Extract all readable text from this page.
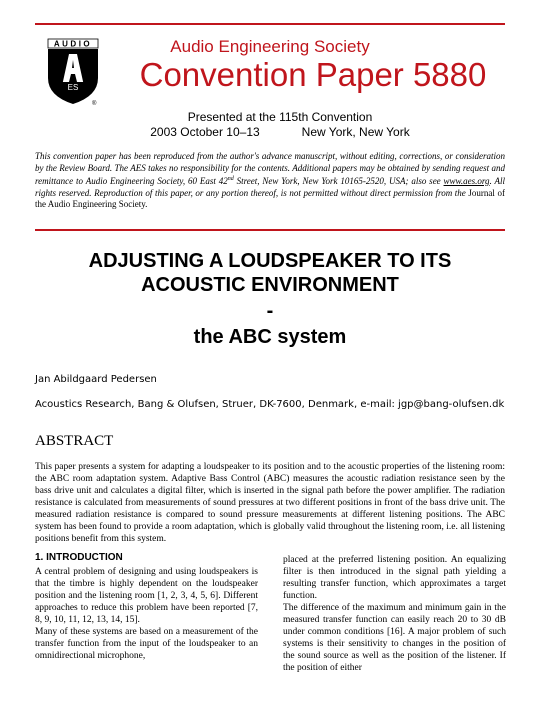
AUDIO
ES
®
Audio Engineering Society
Convention Paper 5880
Presented at the 115th Convention
2003 October 10–13	New York, New York
This convention paper has been reproduced from the author's advance manuscript, without editing, corrections, or consideration by the Review Board. The AES takes no responsibility for the contents. Additional papers may be obtained by sending request and remittance to Audio Engineering Society, 60 East 42nd Street, New York, New York 10165-2520, USA; also see www.aes.org. All rights reserved. Reproduction of this paper, or any portion thereof, is not permitted without direct permission from the Journal of the Audio Engineering Society.
ADJUSTING A LOUDSPEAKER TO ITS
ACOUSTIC ENVIRONMENT
-
the ABC system
Jan Abildgaard Pedersen
Acoustics Research, Bang & Olufsen, Struer, DK-7600, Denmark, e-mail: jgp@bang-olufsen.dk
ABSTRACT
This paper presents a system for adapting a loudspeaker to its position and to the acoustic properties of the listening room: the ABC room adaptation system. Adaptive Bass Control (ABC) measures the acoustic radiation resistance seen by the bass drive unit and calculates a digital filter, which is inserted in the signal path before the power amplifier. The radiation resistance is calculated from measurements of sound pressures at two different positions in front of the bass drive unit. The measured radiation resistance is compared to sound pressure measurements at different listening positions. The ABC system has been found to provide a room adaptation, which is globally valid throughout the listening room, i.e. all listening positions benefit from this system.
1. INTRODUCTION
A central problem of designing and using loudspeakers is that the timbre is highly dependent on the loudspeaker position and the listening room [1, 2, 3, 4, 5, 6]. Different approaches to reduce this problem have been reported [7, 8, 9, 10, 11, 12, 13, 14, 15].
Many of these systems are based on a measurement of the transfer function from the input of the loudspeaker to an omnidirectional microphone,
placed at the preferred listening position. An equalizing filter is then introduced in the signal path yielding a resulting transfer function, which approximates a target function.
The difference of the maximum and minimum gain in the measured transfer function can easily reach 20 to 30 dB under common conditions [16]. A major problem of such systems is their sensitivity to changes in the position of the sound source as well as the position of the listener. If the position of either
